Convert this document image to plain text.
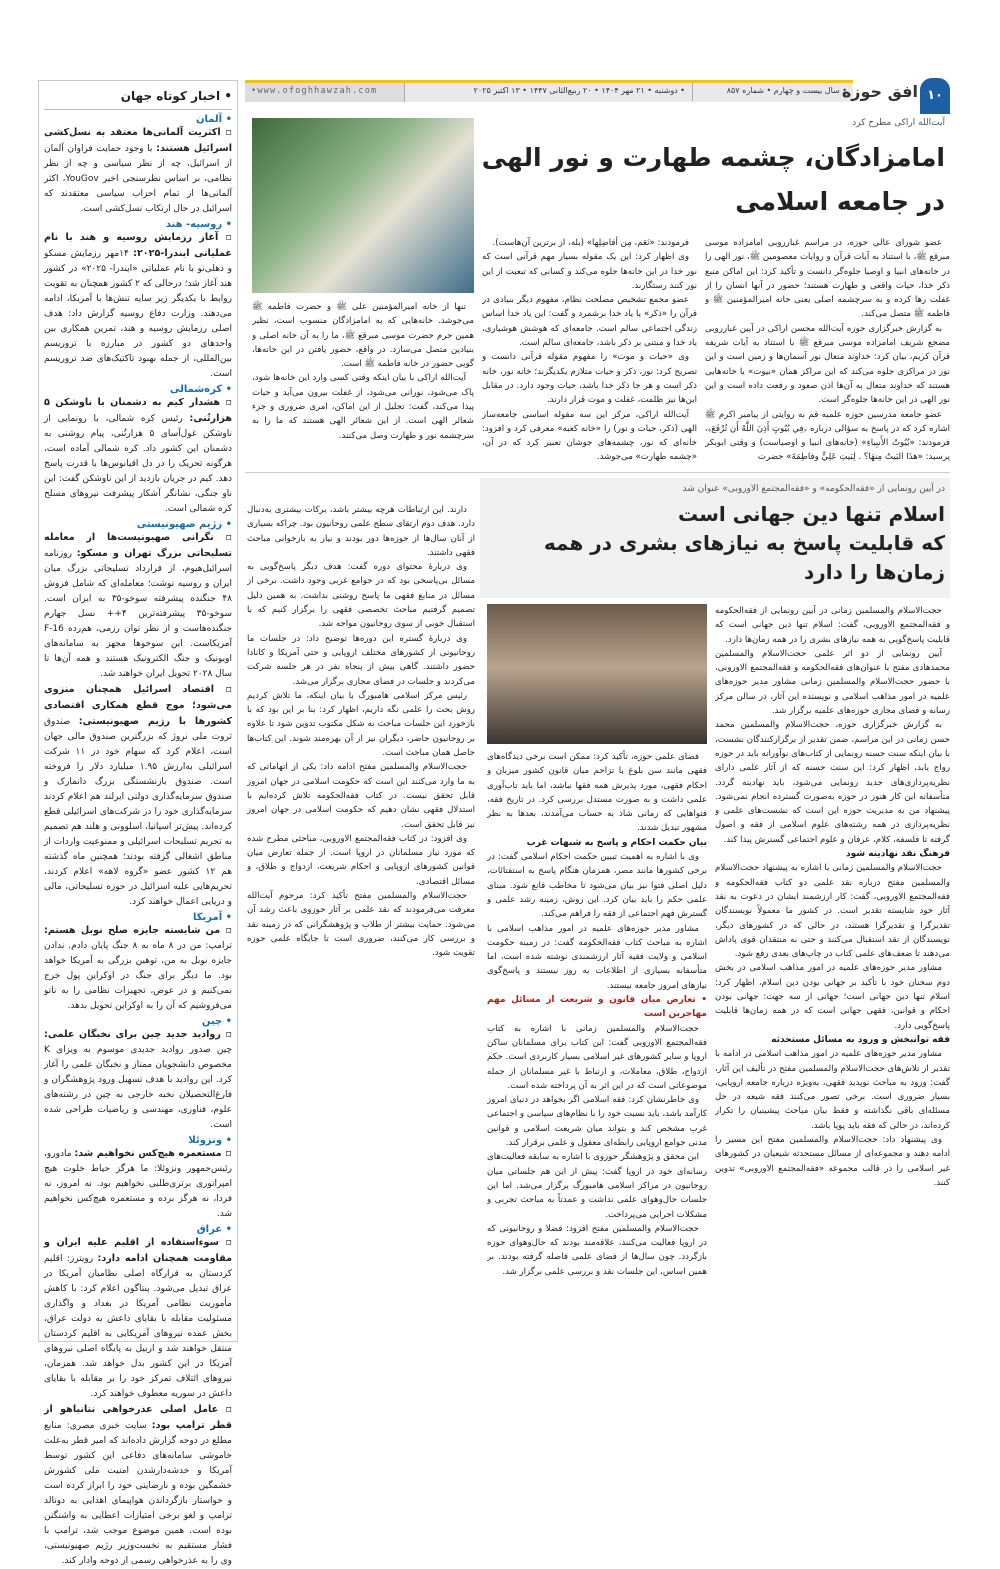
• سال بیست و چهارم • شماره ۸۵۷
• دوشنبه • ۲۱ مهر ۱۴۰۴ • ۲۰ ربیع‌الثانی ۱۴۴۷ • ۱۳ اکتبر ۲۰۲۵
•www.ofoghhawzah.com	۱۰
افق حوزه
• اخبار کوتاه جهان
• آلمان
▫ اکثریت آلمانی‌ها معتقد به نسل‌کشی اسرائیل هستند: با وجود حمایت فراوان آلمان از اسرائیل، چه از نظر سیاسی و چه از نظر نظامی، بر اساس نظرسنجی اخیر YouGov، اکثر آلمانی‌ها از تمام احزاب سیاسی معتقدند که اسرائیل در حال ارتکاب نسل‌کشی است.
• روسیه- هند
▫ آغاز رزمایش روسیه و هند با نام عملیاتی ایندرا-۲۰۲۵: ۱۴مهر رزمایش مسکو و دهلی‌نو با نام عملیاتی «ایندرا- ۲۰۲۵» در کشور هند آغاز شد؛ درحالی که ۲ کشور همچنان به تقویت روابط با یکدیگر زیر سایه تنش‌ها با آمریکا، ادامه می‌دهند. وزارت دفاع روسیه گزارش داد: هدف اصلی رزمایش روسیه و هند، تمرین همکاری بین واحدهای دو کشور در مبارزه با تروریسم بین‌المللی، از جمله بهبود تاکتیک‌های ضد تروریسم است.
• کره‌شمالی
▫ هشدار کیم به دشمنان با ناوشکن ۵ هزارتُنی: رئیس کره شمالی، با رونمایی از ناوشکن غول‌آسای ۵ هزارتُنی، پیام روشنی به دشمنان این کشور داد. کره شمالی آماده است، هرگونه تحریک را در دل اقیانوس‌ها با قدرت پاسخ دهد. کیم در جریان بازدید از این ناوشکن گفت: این ناو جنگی، نشانگر آشکار پیشرفت نیروهای مسلح کره شمالی است.
• رژیم صهیونیستی
▫ نگرانی صهیونیست‌ها از معامله تسلیحاتی بزرگ تهران و مسکو: روزنامه اسرائیل‌هیوم، از قرارداد تسلیحاتی بزرگ میان ایران و روسیه نوشت؛ معامله‌ای که شامل فروش ۴۸ جنگنده پیشرفته سوخو-۳۵ به ایران است. سوخو-۳۵ پیشرفته‌ترین ۴++ نسل جهارم جنگنده‌هاست و از نظر توان رزمی، هم‌رده F-16 آمریکاست. این سوخوها مجهز به سامانه‌های اویونیک و جنگ الکترونیک هستند و همه آن‌ها تا سال ۲۰۲۸ تحویل ایران خواهند شد.
▫ اقتصاد اسرائیل همچنان منزوی می‌شود؛ موج قطع همکاری اقتصادی کشورها با رژیم صهیونیستی: صندوق ثروت ملی نروژ که بزرگترین صندوق مالی جهان است، اعلام کرد که سهام خود در ۱۱ شرکت اسرائیلی به‌ارزش ۱.۹۵ میلیارد دلار را فروخته است. صندوق بازنشستگی بزرگ دانمارک و صندوق سرمایه‌گذاری دولتی ایرلند هم اعلام کردند سرمایه‌گذاری خود را در شرکت‌های اسرائیلی قطع کرده‌اند. پیش‌تر اسپانیا، اسلوونی و هلند هم تصمیم به تحریم تسلیحات اسرائیلی و ممنوعیت واردات از مناطق اشغالی گرفته بودند؛ همچنین ماه گذشته هم ۱۲ کشور عضو «گروه لاهه» اعلام کردند، تحریم‌هایی علیه اسرائیل در حوزه تسلیحاتی، مالی و دریایی اعمال خواهند کرد.
• آمریکا
▫ من شایسته جایزه صلح نوبل هستم: ترامپ: من در ۸ ماه به ۸ جنگ پایان دادم. ندادن جایزه نوبل به من، توهین بزرگی به آمریکا خواهد بود. ما دیگر برای جنگ در اوکراین پول خرج نمی‌کنیم و در عوض، تجهیزات نظامی را به ناتو می‌فروشیم که آن را به اوکراین تحویل بدهد.
• چین
▫ روادید جدید چین برای نخبگان علمی: چین صدور روادید جدیدی موسوم به ویزای K مخصوص دانشجویان ممتاز و نخبگان علمی را آغاز کرد. این روادید با هدف تسهیل ورود پژوهشگران و فارغ‌التحصیلان نخبه خارجی به چین در رشته‌های علوم، فناوری، مهندسی و ریاضیات طراحی شده است.
• ونزوئلا
▫ مستعمره هیچ‌کس نخواهیم شد: مادورو، رئیس‌جمهور ونزوئلا: ما هرگز حیاط خلوت هیچ امپراتوری برتری‌طلبی نخواهیم بود. نه امروز، نه فردا، نه هرگز برده و مستعمره هیچ‌کس نخواهیم شد.
• عراق
▫ سوءاستفاده از اقلیم علیه ایران و مقاومت همچنان ادامه دارد: رویترز: اقلیم کردستان به قرارگاه اصلی نظامیان آمریکا در عراق تبدیل می‌شود. پنتاگون اعلام کرد: با کاهش مأموریت نظامی آمریکا در بغداد و واگذاری مسئولیت مقابله با بقایای داعش به دولت عراق، بخش عمده نیروهای آمریکایی به اقلیم کردستان منتقل خواهند شد و اربیل به پایگاه اصلی نیروهای آمریکا در این کشور بدل خواهد شد. همزمان، نیروهای ائتلاف تمرکز خود را بر مقابله با بقایای داعش در سوریه معطوف خواهند کرد.
▫ عامل اصلی عذرخواهی نتانیاهو از قطر ترامپ بود: سایت خبری مصری: منابع مطلع در دوحه گزارش داده‌اند که امیر قطر به‌علت خاموشی سامانه‌های دفاعی این کشور توسط آمریکا و خدشه‌دارشدن امنیت ملی کشورش خشمگین بوده و نارضایتی خود را ابراز کرده است و خواستار بازگرداندن هواپیمای اهدایی به دونالد ترامپ و لغو برخی امتیازات اعطایی به واشنگتن بوده است. همین موضوع موجب شد، ترامپ با فشار مستقیم به نخست‌وزیر رژیم صهیونیستی، وی را به عذرخواهی رسمی از دوحه وادار کند.
آیت‌الله اراکی مطرح کرد
امامزادگان، چشمه طهارت و نور الهی
در جامعه اسلامی

عضو شورای عالی حوزه، در مراسم غبارروبی امامزاده موسی مبرقع ﷺ، با استناد به آیات قرآن و روایات معصومین ﷺ، نور الهی را در خانه‌های انبیا و اوصیا جلوه‌گر دانست و تأکید کرد: این اماکن منبع ذکر خدا، حیات واقعی و طهارت هستند؛ حضور در آنها انسان را از غفلت رها کرده و به سرچشمه اصلی یعنی خانه امیرالمؤمنین ﷺ و فاطمه ﷺ متصل می‌کند.

به گزارش خبرگزاری حوزه آیت‌الله محسن اراکی در آیین غبارروبی مضجع شریف امامزاده موسی مبرقع ﷺ با استناد به آیات شریفه قرآن کریم، بیان کرد: خداوند متعال نور آسمان‌ها و زمین است و این نور در مراکزی جلوه می‌کند که این مراکز همان «بیوت» یا خانه‌هایی هستند که خداوند متعال به آن‌ها اذن صعود و رفعت داده است و این نور الهی در این خانه‌ها جلوه‌گر است.

عضو جامعه مدرسین حوزه علمیه قم به روایتی از پیامبر اکرم ﷺ اشاره کرد که در پاسخ به سؤالی درباره ﴿فِي بُيُوتٍ أَذِنَ اللَّهُ أَن تُرْفَعَ﴾، فرمودند: «بُيُوتُ الأَنبِياءِ» (خانه‌های انبیا و اوصیاست) و وقتی ابوبکر پرسید: «هذَا البَيتُ مِنهَا؟ . لِبَيتِ عَلِيٍّ وفاطِمَةَ» حضرت

فرمودند: «نَعَم، مِن أفاضِلِها» (بله، از برترین آن‌هاست).

وی اظهار کرد: این یک مقوله بسیار مهم قرآنی است که نور خدا در این خانه‌ها جلوه می‌کند و کسانی که تبعیت از این نور کنند رستگارند.

عضو مجمع تشخیص مصلحت نظام، مفهوم دیگر بنیادی در قرآن را «ذکر» یا یاد خدا برشمرد و گفت: این یاد خدا اساس زندگی اجتماعی سالم است. جامعه‌ای که هوشش هوشیاری، یاد خدا و مبتنی بر ذکر باشد، جامعه‌ای سالم است.

وی «حیات و موت» را مفهوم مقوله قرآنی دانست و تصریح کرد: نور، ذکر و حیات متلازم یکدیگرند؛ خانه نور، خانه ذکر است و هر جا ذکر خدا باشد، حیات وجود دارد. در مقابل این‌ها نیز ظلمت، غفلت و موت قرار دارند.

آیت‌الله اراکی، مرکز این سه مقوله اساسی جامعه‌ساز الهی (ذکر، حیات و نور) را «خانه کعبه» معرفی کرد و افزود: خانه‌ای که نور، چشمه‌های جوشان تعبیر کرد که در آن، «چشمه طهارت» می‌جوشد.

تنها از خانه امیرالمؤمنین علی ﷺ و حضرت فاطمه ﷺ می‌جوشد. خانه‌هایی که به امامزادگان منسوب است، نظیر همین حرم حضرت موسی مبرقع ﷺ، ما را به آن خانه اصلی و بنیادین متصل می‌سازد. در واقع، حضور یافتن در این خانه‌ها، گویی حضور در خانه فاطمه ﷺ است.

آیت‌الله اراکی با بیان اینکه وقتی کسی وارد این خانه‌ها شود، پاک می‌شود، نورانی می‌شود، از غفلت بیرون می‌آید و حیات پیدا می‌کند، گفت: تجلیل از این اماکن، امری ضروری و جزء شعائر الهی است. از این شعائر الهی هستند که ما را به سرچشمه نور و طهارت وصل می‌کنند.

در آیین رونمایی از «فقه‌الحکومه» و «فقه‌المجتمع الاوروبی» عنوان شد
اسلام تنها دین جهانی است
که قابلیت پاسخ به نیازهای بشری در همه زمان‌ها را دارد

حجت‌الاسلام والمسلمین زمانی در آیین رونمایی از فقه‌الحکومه و فقه‌المجتمع الاوروبی، گفت: اسلام تنها دین جهانی است که قابلیت پاسخ‌گویی به همه نیازهای بشری را در همه زمان‌ها دارد.

آیین رونمایی از دو اثر علمی حجت‌الاسلام والمسلمین محمدهادی مفتح با عنوان‌های فقه‌الحکومه و فقه‌المجتمع الاوروبی، با حضور حجت‌الاسلام والمسلمین زمانی مشاور مدیر حوزه‌های علمیه در امور مذاهب اسلامی و نویسنده این آثار، در سالن مرکز رسانه و فضای مجازی حوزه‌های علمیه برگزار شد.

به گزارش خبرگزاری حوزه، حجت‌الاسلام والمسلمین محمد حسن زمانی در این مراسم، ضمن تقدیر از برگزارکنندگان نشست، با بیان اینکه سنت حسنه رونمایی از کتاب‌های نوآورانه باید در حوزه رواج یابد، اظهار کرد: این سنت حسنه که از آثار علمی دارای نظریه‌پردازی‌های جدید رونمایی می‌شود، باید نهادینه گردد. متأسفانه این کار هنوز در حوزه به‌صورت گسترده انجام نمی‌شود. پیشنهاد من به مدیریت حوزه این است که نشست‌های علمی و نظریه‌پردازی در همه رشته‌های علوم اسلامی از فقه و اصول گرفته تا فلسفه، کلام، عرفان و علوم اجتماعی گسترش پیدا کند.

فرهنگ نقد نهادینه شود

حجت‌الاسلام والمسلمین زمانی با اشاره به پیشنهاد حجت‌الاسلام والمسلمین مفتح درباره نقد علمی دو کتاب فقه‌الحکومه و فقه‌المجتمع الاوروبی، گفت: کار ارزشمند ایشان در دعوت به نقد آثار خود شایسته تقدیر است. در کشور ما معمولاً نویسندگان تقدیرگرا و تقدیرگرا هستند، در حالی که در کشورهای دیگر، نویسندگان از نقد استقبال می‌کنند و حتی به منتقدان قوی پاداش می‌دهند تا ضعف‌های علمی کتاب در چاپ‌های بعدی رفع شود.

مشاور مدیر حوزه‌های علمیه در امور مذاهب اسلامی در بخش دوم سخنان خود با تأکید بر جهانی بودن دین اسلام، اظهار کرد: اسلام تنها دین جهانی است؛ جهانی از سه جهت: جهانی بودن احکام و قوانین، فقهی جهانی است که در همه زمان‌ها قابلیت پاسخ‌گویی دارد.

فقه توانبخش و ورود به مسائل مستحدثه

مشاور مدیر حوزه‌های علمیه در امور مذاهب اسلامی در ادامه با تقدیر از تلاش‌های حجت‌الاسلام والمسلمین مفتح در تألیف این آثار، گفت: ورود به مباحث نوپدید فقهی، به‌ویژه درباره جامعه اروپایی، بسیار ضروری است. برخی تصور می‌کنند فقه شیعه در حل مسئله‌ای باقی نگذاشته و فقط بیان مباحث پیشینیان را تکرار کرده‌اند، در حالی که فقه باید پویا باشد.

وی پیشنهاد داد: حجت‌الاسلام والمسلمین مفتح این مسیر را ادامه دهند و مجموعه‌ای از مسائل مستحدثه شیعیان در کشورهای غیر اسلامی را در قالب مجموعه «فقه‌المجتمع الاوروبی» تدوین کنند.

فضای علمی حوزه، تأکید کرد: ممکن است برخی دیدگاه‌های فقهی مانند سن بلوغ یا تزاحم میان قانون کشور میزبان و احکام فقهی، مورد پذیرش همه فقها نباشد، اما باید تاب‌آوری علمی داشت و به صورت مستدل بررسی کرد. در تاریخ فقه، فتواهایی که زمانی شاذ به حساب می‌آمدند، بعدها به نظر مشهور تبدیل شدند.

بیان حکمت احکام و پاسخ به شبهات غرب

وی با اشاره به اهمیت تبیین حکمت احکام اسلامی گفت: در برخی کشورها مانند مصر، همزمان هنگام پاسخ به استفتائات، دلیل اصلی فتوا نیز بیان می‌شود تا مخاطب قانع شود. مبنای علمی حکم را باید بیان کرد. این روش، زمینه رشد علمی و گسترش فهم اجتماعی از فقه را فراهم می‌کند.

مشاور مدیر حوزه‌های علمیه در امور مذاهب اسلامی با اشاره به مباحث کتاب فقه‌الحکومه گفت: در زمینه حکومت اسلامی و ولایت فقیه آثار ارزشمندی نوشته شده است، اما متأسفانه بسیاری از اطلاعات به روز نیستند و پاسخ‌گوی نیازهای امروز جامعه نیستند.

• تعارض میان قانون و شریعت از مسائل مهم مهاجرین است

حجت‌الاسلام والمسلمین زمانی با اشاره به کتاب فقه‌المجتمع الاوروبی گفت: این کتاب برای مسلمانان ساکن اروپا و سایر کشورهای غیر اسلامی بسیار کاربردی است. حکم ازدواج، طلاق، معاملات، و ارتباط با غیر مسلمانان از جمله موضوعاتی است که در این اثر به آن پرداخته شده است.

وی خاطرنشان کرد: فقه اسلامی اگر بخواهد در دنیای امروز کارآمد باشد، باید نسبت خود را با نظام‌های سیاسی و اجتماعی غرب مشخص کند و بتواند میان شریعت اسلامی و قوانین مدنی جوامع اروپایی رابطه‌ای معقول و علمی برقرار کند.

این محقق و پژوهشگر حوزوی با اشاره به سابقه فعالیت‌های رسانه‌ای خود در اروپا گفت: پیش از این هم جلساتی میان روحانیون در مراکز اسلامی هامبورگ برگزار می‌شد. اما این جلسات حال‌وهوای علمی نداشت و عمدتاً به مباحث تجربی و مشکلات اجرایی می‌پرداخت.

حجت‌الاسلام والمسلمین مفتح افزود: فضلا و روحانیونی که در اروپا فعالیت می‌کنند، علاقه‌مند بودند که حال‌وهوای حوزه بازگردد. چون سال‌ها از فضای علمی فاصله گرفته بودند. بر همین اساس، این جلسات نقد و بررسی علمی برگزار شد.

دارند. این ارتباطات هرچه بیشتر باشد، برکات بیشتری به‌دنبال دارد. هدف دوم ارتقای سطح علمی روحانیون بود. چراکه بسیاری از آنان سال‌ها از حوزه‌ها دور بودند و نیاز به بازخوانی مباحث فقهی داشتند.

وی دربارهٔ محتوای دوره گفت: هدف دیگر پاسخ‌گویی به مسائل بی‌پاسخی بود که در جوامع غربی وجود داشت. برخی از مسائل در منابع فقهی ما پاسخ روشنی نداشت. به همین دلیل تصمیم گرفتیم مباحث تخصصی فقهی را برگزار کنیم که با استقبال خوبی از سوی روحانیون مواجه شد.

وی دربارهٔ گستره این دوره‌ها توضیح داد: در جلسات ما روحانیونی از کشورهای مختلف اروپایی و حتی آمریکا و کانادا حضور داشتند. گاهی بیش از پنجاه نفر در هر جلسه شرکت می‌کردند و جلسات در فضای مجازی برگزار می‌شد.

رئیس مرکز اسلامی هامبورگ با بیان اینکه، ما تلاش کردیم روش بحث را علمی نگه داریم، اظهار کرد: بنا بر این بود که با بازخورد این جلسات مباحث به شکل مکتوب تدوین شود تا علاوه بر روحانیون حاضر، دیگران نیز از آن بهره‌مند شوند. این کتاب‌ها حاصل همان مباحث است.

حجت‌الاسلام والمسلمین مفتح ادامه داد: یکی از اتهاماتی که به ما وارد می‌کنند این است که حکومت اسلامی در جهان امروز قابل تحقق نیست. در کتاب فقه‌الحکومه تلاش کرده‌ایم با استدلال فقهی نشان دهیم که حکومت اسلامی در جهان امروز نیز قابل تحقق است.

وی افزود: در کتاب فقه‌المجتمع الاوروبی، مباحثی مطرح شده که مورد نیاز مسلمانان در اروپا است. از جمله تعارض میان قوانین کشورهای اروپایی و احکام شریعت، ازدواج و طلاق، و مسائل اقتصادی.

حجت‌الاسلام والمسلمین مفتح تأکید کرد: مرحوم آیت‌الله معرفت می‌فرمودند که نقد علمی بر آثار حوزوی باعث رشد آن می‌شود. حمایت بیشتر از طلاب و پژوهشگرانی که در زمینه نقد و بررسی کار می‌کنند، ضروری است تا جایگاه علمی حوزه تقویت شود.
